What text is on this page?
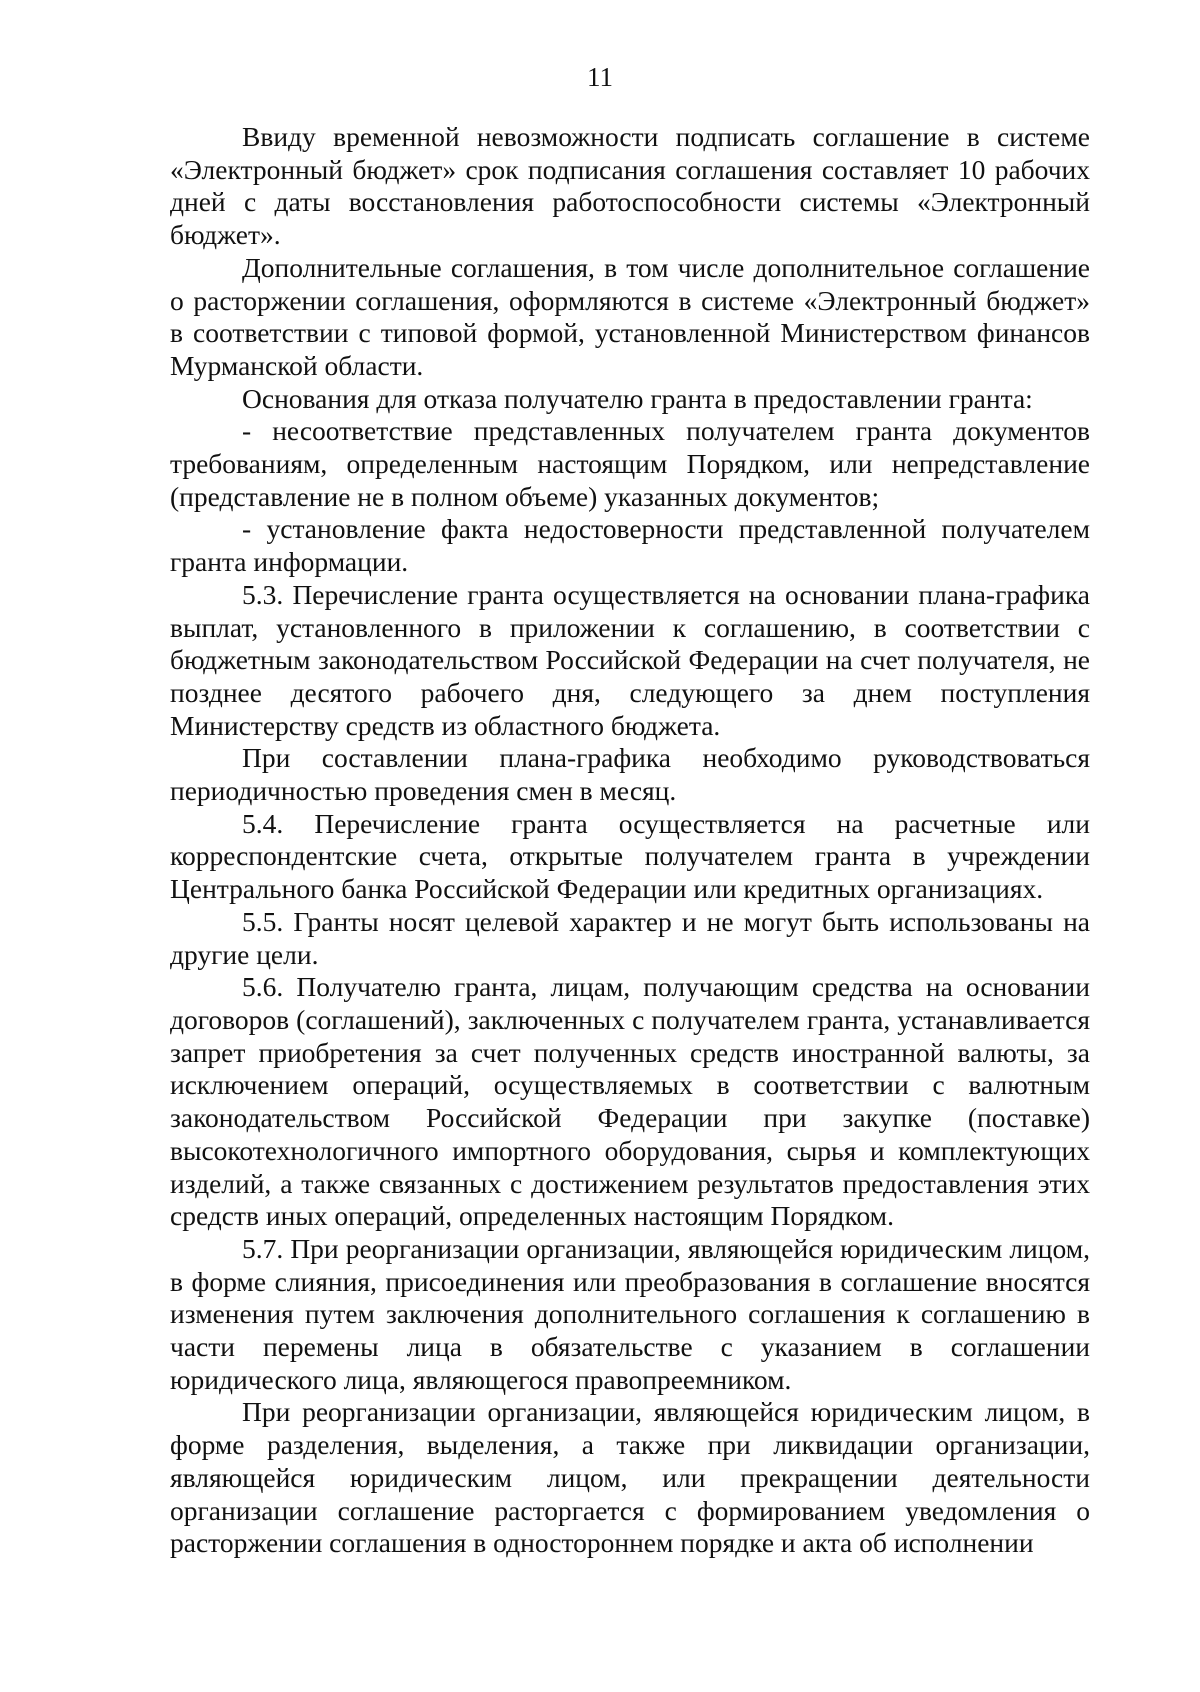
11

Ввиду временной невозможности подписать соглашение в системе «Электронный бюджет» срок подписания соглашения составляет 10 рабочих дней с даты восстановления работоспособности системы «Электронный бюджет».

Дополнительные соглашения, в том числе дополнительное соглашение о расторжении соглашения, оформляются в системе «Электронный бюджет» в соответствии с типовой формой, установленной Министерством финансов Мурманской области.

Основания для отказа получателю гранта в предоставлении гранта:

- несоответствие представленных получателем гранта документов требованиям, определенным настоящим Порядком, или непредставление (представление не в полном объеме) указанных документов;

- установление факта недостоверности представленной получателем гранта информации.

5.3. Перечисление гранта осуществляется на основании плана-графика выплат, установленного в приложении к соглашению, в соответствии с бюджетным законодательством Российской Федерации на счет получателя, не позднее десятого рабочего дня, следующего за днем поступления Министерству средств из областного бюджета.

При составлении плана-графика необходимо руководствоваться периодичностью проведения смен в месяц.

5.4. Перечисление гранта осуществляется на расчетные или корреспондентские счета, открытые получателем гранта в учреждении Центрального банка Российской Федерации или кредитных организациях.

5.5. Гранты носят целевой характер и не могут быть использованы на другие цели.

5.6. Получателю гранта, лицам, получающим средства на основании договоров (соглашений), заключенных с получателем гранта, устанавливается запрет приобретения за счет полученных средств иностранной валюты, за исключением операций, осуществляемых в соответствии с валютным законодательством Российской Федерации при закупке (поставке) высокотехнологичного импортного оборудования, сырья и комплектующих изделий, а также связанных с достижением результатов предоставления этих средств иных операций, определенных настоящим Порядком.

5.7. При реорганизации организации, являющейся юридическим лицом, в форме слияния, присоединения или преобразования в соглашение вносятся изменения путем заключения дополнительного соглашения к соглашению в части перемены лица в обязательстве с указанием в соглашении юридического лица, являющегося правопреемником.

При реорганизации организации, являющейся юридическим лицом, в форме разделения, выделения, а также при ликвидации организации, являющейся юридическим лицом, или прекращении деятельности организации соглашение расторгается с формированием уведомления о расторжении соглашения в одностороннем порядке и акта об исполнении
